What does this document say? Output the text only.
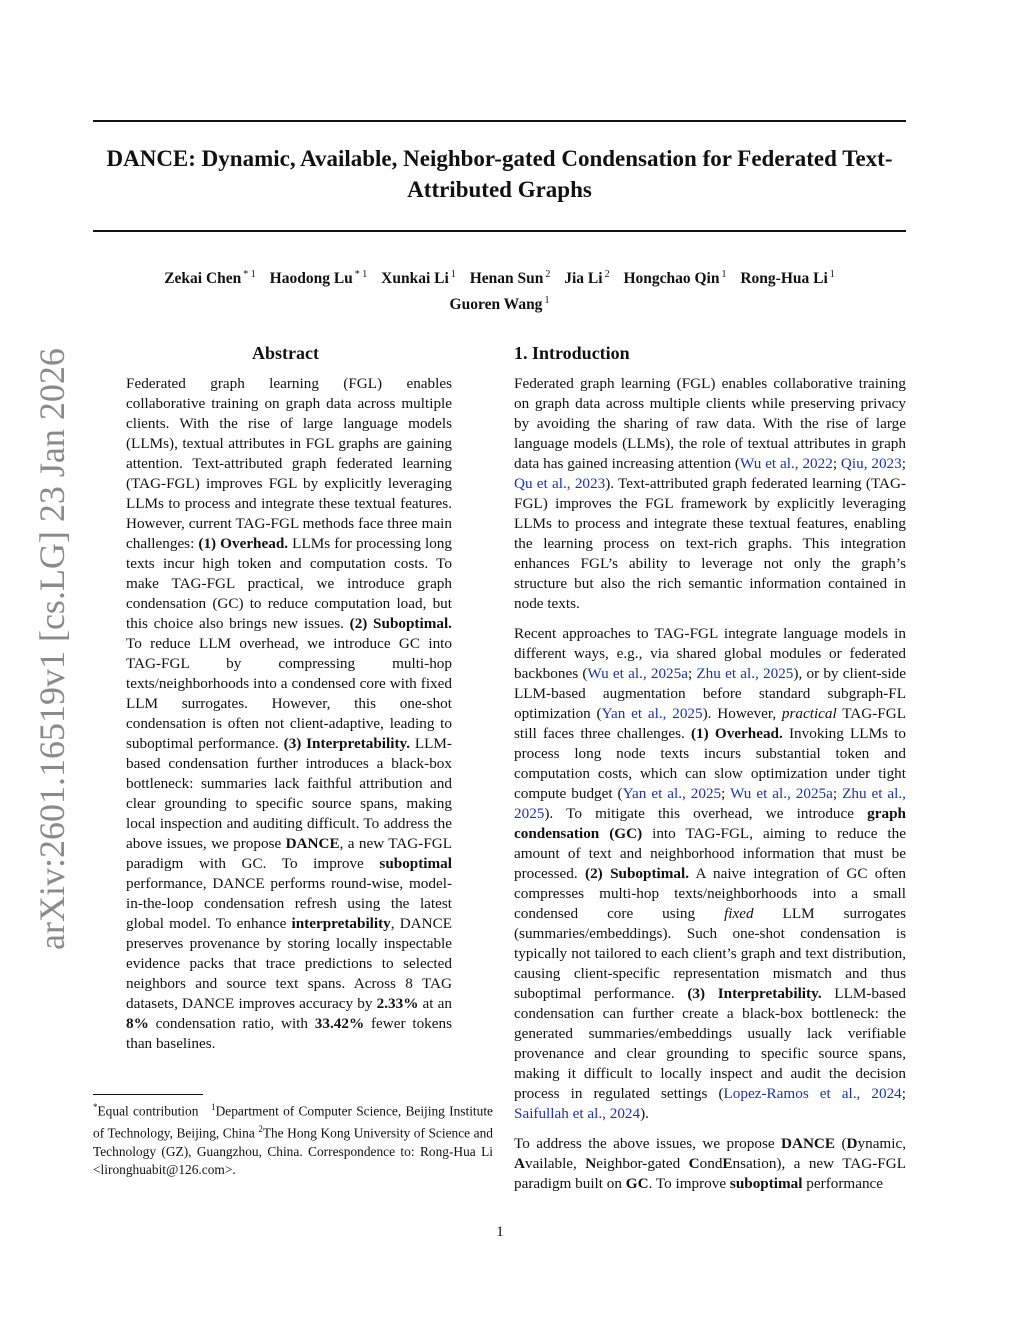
DANCE: Dynamic, Available, Neighbor-gated Condensation for Federated Text-Attributed Graphs
Zekai Chen $^{* 1}$ Haodong Lu $^{* 1}$ Xunkai Li $^1$ Henan Sun $^2$ Jia Li $^2$ Hongchao Qin $^1$ Rong-Hua Li $^1$
Guoren Wang $^1$
arXiv:2601.16519v1 [cs.LG] 23 Jan 2026	Abstract
Federated graph learning (FGL) enables collaborative training on graph data across multiple clients. With the rise of large language models (LLMs), textual attributes in FGL graphs are gaining attention. Text-attributed graph federated learning (TAG-FGL) improves FGL by explicitly leveraging LLMs to process and integrate these textual features. However, current TAG-FGL methods face three main challenges: (1) Overhead. LLMs for processing long texts incur high token and computation costs. To make TAG-FGL practical, we introduce graph condensation (GC) to reduce computation load, but this choice also brings new issues. (2) Suboptimal. To reduce LLM overhead, we introduce GC into TAG-FGL by compressing multi-hop texts/neighborhoods into a condensed core with fixed LLM surrogates. However, this one-shot condensation is often not client-adaptive, leading to suboptimal performance. (3) Interpretability. LLM-based condensation further introduces a black-box bottleneck: summaries lack faithful attribution and clear grounding to specific source spans, making local inspection and auditing difficult. To address the above issues, we propose DANCE, a new TAG-FGL paradigm with GC. To improve suboptimal performance, DANCE performs round-wise, model-in-the-loop condensation refresh using the latest global model. To enhance interpretability, DANCE preserves provenance by storing locally inspectable evidence packs that trace predictions to selected neighbors and source text spans. Across 8 TAG datasets, DANCE improves accuracy by 2.33% at an 8% condensation ratio, with 33.42% fewer tokens than baselines.
1. Introduction

Federated graph learning (FGL) enables collaborative training on graph data across multiple clients while preserving privacy by avoiding the sharing of raw data. With the rise of large language models (LLMs), the role of textual attributes in graph data has gained increasing attention (Wu et al., 2022; Qiu, 2023; Qu et al., 2023). Text-attributed graph federated learning (TAG-FGL) improves the FGL framework by explicitly leveraging LLMs to process and integrate these textual features, enabling the learning process on text-rich graphs. This integration enhances FGL’s ability to leverage not only the graph’s structure but also the rich semantic information contained in node texts.

Recent approaches to TAG-FGL integrate language models in different ways, e.g., via shared global modules or federated backbones (Wu et al., 2025a; Zhu et al., 2025), or by client-side LLM-based augmentation before standard subgraph-FL optimization (Yan et al., 2025). However, practical TAG-FGL still faces three challenges. (1) Overhead. Invoking LLMs to process long node texts incurs substantial token and computation costs, which can slow optimization under tight compute budget (Yan et al., 2025; Wu et al., 2025a; Zhu et al., 2025). To mitigate this overhead, we introduce graph condensation (GC) into TAG-FGL, aiming to reduce the amount of text and neighborhood information that must be processed. (2) Suboptimal. A naive integration of GC often compresses multi-hop texts/neighborhoods into a small condensed core using fixed LLM surrogates (summaries/embeddings). Such one-shot condensation is typically not tailored to each client’s graph and text distribution, causing client-specific representation mismatch and thus suboptimal performance. (3) Interpretability. LLM-based condensation can further create a black-box bottleneck: the generated summaries/embeddings usually lack verifiable provenance and clear grounding to specific source spans, making it difficult to locally inspect and audit the decision process in regulated settings (Lopez-Ramos et al., 2024; Saifullah et al., 2024).

To address the above issues, we propose DANCE (Dynamic, Available, Neighbor-gated CondEnsation), a new TAG-FGL paradigm built on GC. To improve suboptimal performance

*Equal contribution $^1$Department of Computer Science, Beijing Institute of Technology, Beijing, China $^2$The Hong Kong University of Science and Technology (GZ), Guangzhou, China. Correspondence to: Rong-Hua Li <lironghuabit@126.com>.
1
